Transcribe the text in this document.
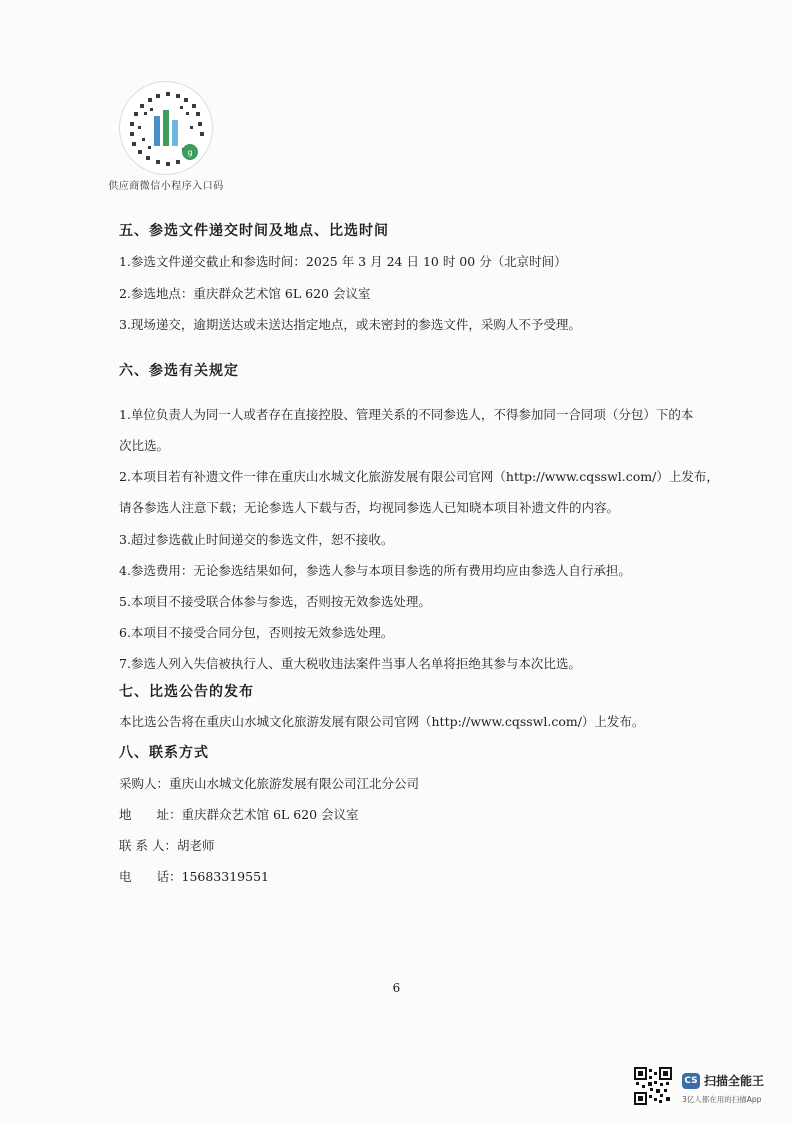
g
供应商微信小程序入口码
五、参选文件递交时间及地点、比选时间
1.参选文件递交截止和参选时间：2025 年 3 月 24 日 10 时 00 分（北京时间）
2.参选地点：重庆群众艺术馆 6L 620 会议室
3.现场递交，逾期送达或未送达指定地点，或未密封的参选文件，采购人不予受理。
六、参选有关规定
1.单位负责人为同一人或者存在直接控股、管理关系的不同参选人，不得参加同一合同项（分包）下的本
次比选。
2.本项目若有补遗文件一律在重庆山水城文化旅游发展有限公司官网（http://www.cqsswl.com/）上发布，
请各参选人注意下载；无论参选人下载与否，均视同参选人已知晓本项目补遗文件的内容。
3.超过参选截止时间递交的参选文件，恕不接收。
4.参选费用：无论参选结果如何，参选人参与本项目参选的所有费用均应由参选人自行承担。
5.本项目不接受联合体参与参选，否则按无效参选处理。
6.本项目不接受合同分包，否则按无效参选处理。
7.参选人列入失信被执行人、重大税收违法案件当事人名单将拒绝其参与本次比选。
七、比选公告的发布
本比选公告将在重庆山水城文化旅游发展有限公司官网（http://www.cqsswl.com/）上发布。
八、联系方式
采购人：重庆山水城文化旅游发展有限公司江北分公司
地　　址：重庆群众艺术馆 6L 620 会议室
联 系 人：胡老师
电　　话：15683319551
6
CS 扫描全能王
3亿人都在用的扫描App
